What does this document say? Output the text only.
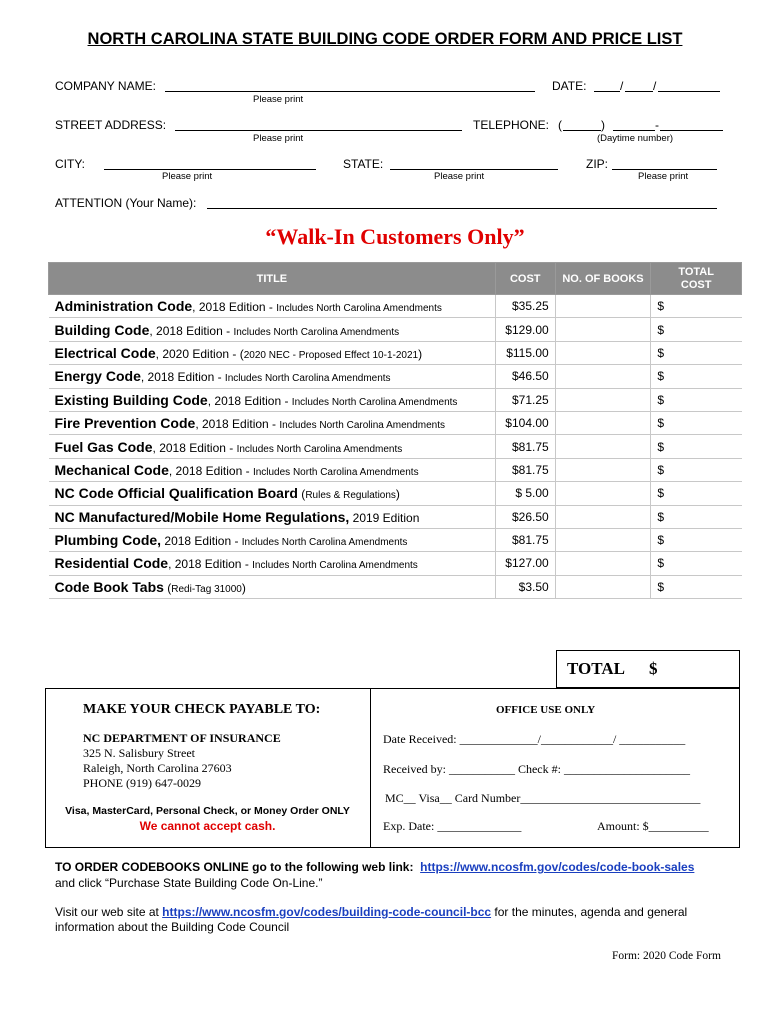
NORTH CAROLINA STATE BUILDING CODE ORDER FORM AND PRICE LIST
COMPANY NAME:	DATE:	/ /
Please print
STREET ADDRESS:	TELEPHONE: (	)	-
Please print	(Daytime number)
CITY:	STATE:	ZIP:
Please print	Please print	Please print
ATTENTION (Your Name):
“Walk-In Customers Only”
TITLE	COST	NO. OF BOOKS	TOTAL
COST
Administration Code, 2018 Edition - Includes North Carolina Amendments	$35.25		$
Building Code, 2018 Edition - Includes North Carolina Amendments	$129.00		$
Electrical Code, 2020 Edition - (2020 NEC - Proposed Effect 10-1-2021)	$115.00		$
Energy Code, 2018 Edition - Includes North Carolina Amendments	$46.50		$
Existing Building Code, 2018 Edition - Includes North Carolina Amendments	$71.25		$
Fire Prevention Code, 2018 Edition - Includes North Carolina Amendments	$104.00		$
Fuel Gas Code, 2018 Edition - Includes North Carolina Amendments	$81.75		$
Mechanical Code, 2018 Edition - Includes North Carolina Amendments	$81.75		$
NC Code Official Qualification Board (Rules & Regulations)	$ 5.00		$
NC Manufactured/Mobile Home Regulations, 2019 Edition	$26.50		$
Plumbing Code, 2018 Edition - Includes North Carolina Amendments	$81.75		$
Residential Code, 2018 Edition - Includes North Carolina Amendments	$127.00		$
Code Book Tabs (Redi-Tag 31000)	$3.50		$
TOTAL $
MAKE YOUR CHECK PAYABLE TO:
NC DEPARTMENT OF INSURANCE
325 N. Salisbury Street
Raleigh, North Carolina 27603
PHONE (919) 647-0029
Visa, MasterCard, Personal Check, or Money Order ONLY
We cannot accept cash.
OFFICE USE ONLY
Date Received: _____________/____________/ ___________
Received by: ___________ Check #: _____________________
MC__ Visa__ Card Number______________________________
Exp. Date: ______________	Amount: $__________
TO ORDER CODEBOOKS ONLINE go to the following web link: https://www.ncosfm.gov/codes/code-book-sales
and click “Purchase State Building Code On-Line.”
Visit our web site at https://www.ncosfm.gov/codes/building-code-council-bcc for the minutes, agenda and general
information about the Building Code Council
Form: 2020 Code Form
